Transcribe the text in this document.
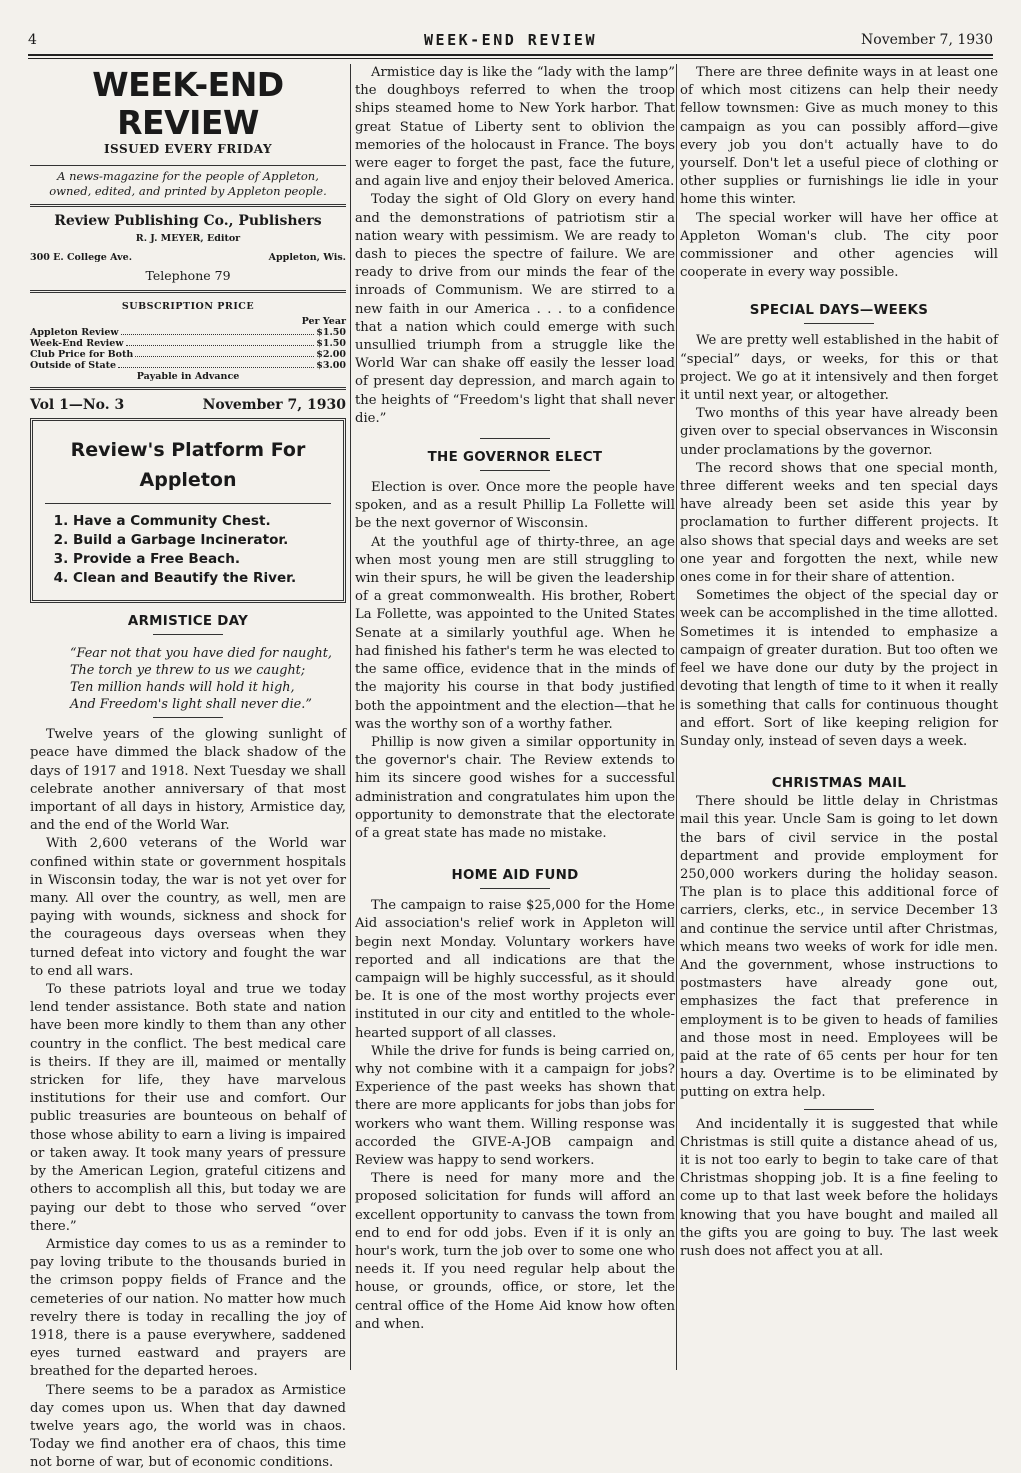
4	WEEK-END REVIEW	November 7, 1930
WEEK-END REVIEW
ISSUED EVERY FRIDAY
A news-magazine for the people of Appleton,
owned, edited, and printed by Appleton people.
Review Publishing Co., Publishers
R. J. MEYER, Editor
300 E. College Ave.	Appleton, Wis.
Telephone 79
SUBSCRIPTION PRICE
Per Year
Appleton Review	$1.50
Week-End Review	$1.50
Club Price for Both	$2.00
Outside of State	$3.00
Payable in Advance
Vol 1—No. 3	November 7, 1930
Review's Platform For
Appleton
1. Have a Community Chest.
2. Build a Garbage Incinerator.
3. Provide a Free Beach.
4. Clean and Beautify the River.
ARMISTICE DAY
“Fear not that you have died for naught,
The torch ye threw to us we caught;
Ten million hands will hold it high,
And Freedom's light shall never die.”

Twelve years of the glowing sunlight of peace have dimmed the black shadow of the days of 1917 and 1918. Next Tuesday we shall celebrate another anniversary of that most important of all days in history, Armistice day, and the end of the World War.

With 2,600 veterans of the World war confined within state or government hospitals in Wisconsin today, the war is not yet over for many. All over the country, as well, men are paying with wounds, sickness and shock for the courageous days overseas when they turned defeat into victory and fought the war to end all wars.

To these patriots loyal and true we today lend tender assistance. Both state and nation have been more kindly to them than any other country in the conflict. The best medical care is theirs. If they are ill, maimed or mentally stricken for life, they have marvelous institutions for their use and comfort. Our public treasuries are bounteous on behalf of those whose ability to earn a living is impaired or taken away. It took many years of pressure by the American Legion, grateful citizens and others to accomplish all this, but today we are paying our debt to those who served “over there.”

Armistice day comes to us as a reminder to pay loving tribute to the thousands buried in the crimson poppy fields of France and the cemeteries of our nation. No matter how much revelry there is today in recalling the joy of 1918, there is a pause everywhere, saddened eyes turned eastward and prayers are breathed for the departed heroes.

There seems to be a paradox as Armistice day comes upon us. When that day dawned twelve years ago, the world was in chaos. Today we find another era of chaos, this time not borne of war, but of economic conditions.

Armistice day is like the “lady with the lamp” the doughboys referred to when the troop ships steamed home to New York harbor. That great Statue of Liberty sent to oblivion the memories of the holocaust in France. The boys were eager to forget the past, face the future, and again live and enjoy their beloved America.

Today the sight of Old Glory on every hand and the demonstrations of patriotism stir a nation weary with pessimism. We are ready to dash to pieces the spectre of failure. We are ready to drive from our minds the fear of the inroads of Communism. We are stirred to a new faith in our America . . . to a confidence that a nation which could emerge with such unsullied triumph from a struggle like the World War can shake off easily the lesser load of present day depression, and march again to the heights of “Freedom's light that shall never die.”

THE GOVERNOR ELECT

Election is over. Once more the people have spoken, and as a result Phillip La Follette will be the next governor of Wisconsin.

At the youthful age of thirty-three, an age when most young men are still struggling to win their spurs, he will be given the leadership of a great commonwealth. His brother, Robert La Follette, was appointed to the United States Senate at a similarly youthful age. When he had finished his father's term he was elected to the same office, evidence that in the minds of the majority his course in that body justified both the appointment and the election—that he was the worthy son of a worthy father.

Phillip is now given a similar opportunity in the governor's chair. The Review extends to him its sincere good wishes for a successful administration and congratulates him upon the opportunity to demonstrate that the electorate of a great state has made no mistake.

HOME AID FUND

The campaign to raise $25,000 for the Home Aid association's relief work in Appleton will begin next Monday. Voluntary workers have reported and all indications are that the campaign will be highly successful, as it should be. It is one of the most worthy projects ever instituted in our city and entitled to the whole-hearted support of all classes.

While the drive for funds is being carried on, why not combine with it a campaign for jobs? Experience of the past weeks has shown that there are more applicants for jobs than jobs for workers who want them. Willing response was accorded the GIVE-A-JOB campaign and Review was happy to send workers.

There is need for many more and the proposed solicitation for funds will afford an excellent opportunity to canvass the town from end to end for odd jobs. Even if it is only an hour's work, turn the job over to some one who needs it. If you need regular help about the house, or grounds, office, or store, let the central office of the Home Aid know how often and when.

There are three definite ways in at least one of which most citizens can help their needy fellow townsmen: Give as much money to this campaign as you can possibly afford—give every job you don't actually have to do yourself. Don't let a useful piece of clothing or other supplies or furnishings lie idle in your home this winter.

The special worker will have her office at Appleton Woman's club. The city poor commissioner and other agencies will cooperate in every way possible.

SPECIAL DAYS—WEEKS

We are pretty well established in the habit of “special” days, or weeks, for this or that project. We go at it intensively and then forget it until next year, or altogether.

Two months of this year have already been given over to special observances in Wisconsin under proclamations by the governor.

The record shows that one special month, three different weeks and ten special days have already been set aside this year by proclamation to further different projects. It also shows that special days and weeks are set one year and forgotten the next, while new ones come in for their share of attention.

Sometimes the object of the special day or week can be accomplished in the time allotted. Sometimes it is intended to emphasize a campaign of greater duration. But too often we feel we have done our duty by the project in devoting that length of time to it when it really is something that calls for continuous thought and effort. Sort of like keeping religion for Sunday only, instead of seven days a week.

CHRISTMAS MAIL

There should be little delay in Christmas mail this year. Uncle Sam is going to let down the bars of civil service in the postal department and provide employment for 250,000 workers during the holiday season. The plan is to place this additional force of carriers, clerks, etc., in service December 13 and continue the service until after Christmas, which means two weeks of work for idle men. And the government, whose instructions to postmasters have already gone out, emphasizes the fact that preference in employment is to be given to heads of families and those most in need. Employees will be paid at the rate of 65 cents per hour for ten hours a day. Overtime is to be eliminated by putting on extra help.

And incidentally it is suggested that while Christmas is still quite a distance ahead of us, it is not too early to begin to take care of that Christmas shopping job. It is a fine feeling to come up to that last week before the holidays knowing that you have bought and mailed all the gifts you are going to buy. The last week rush does not affect you at all.
